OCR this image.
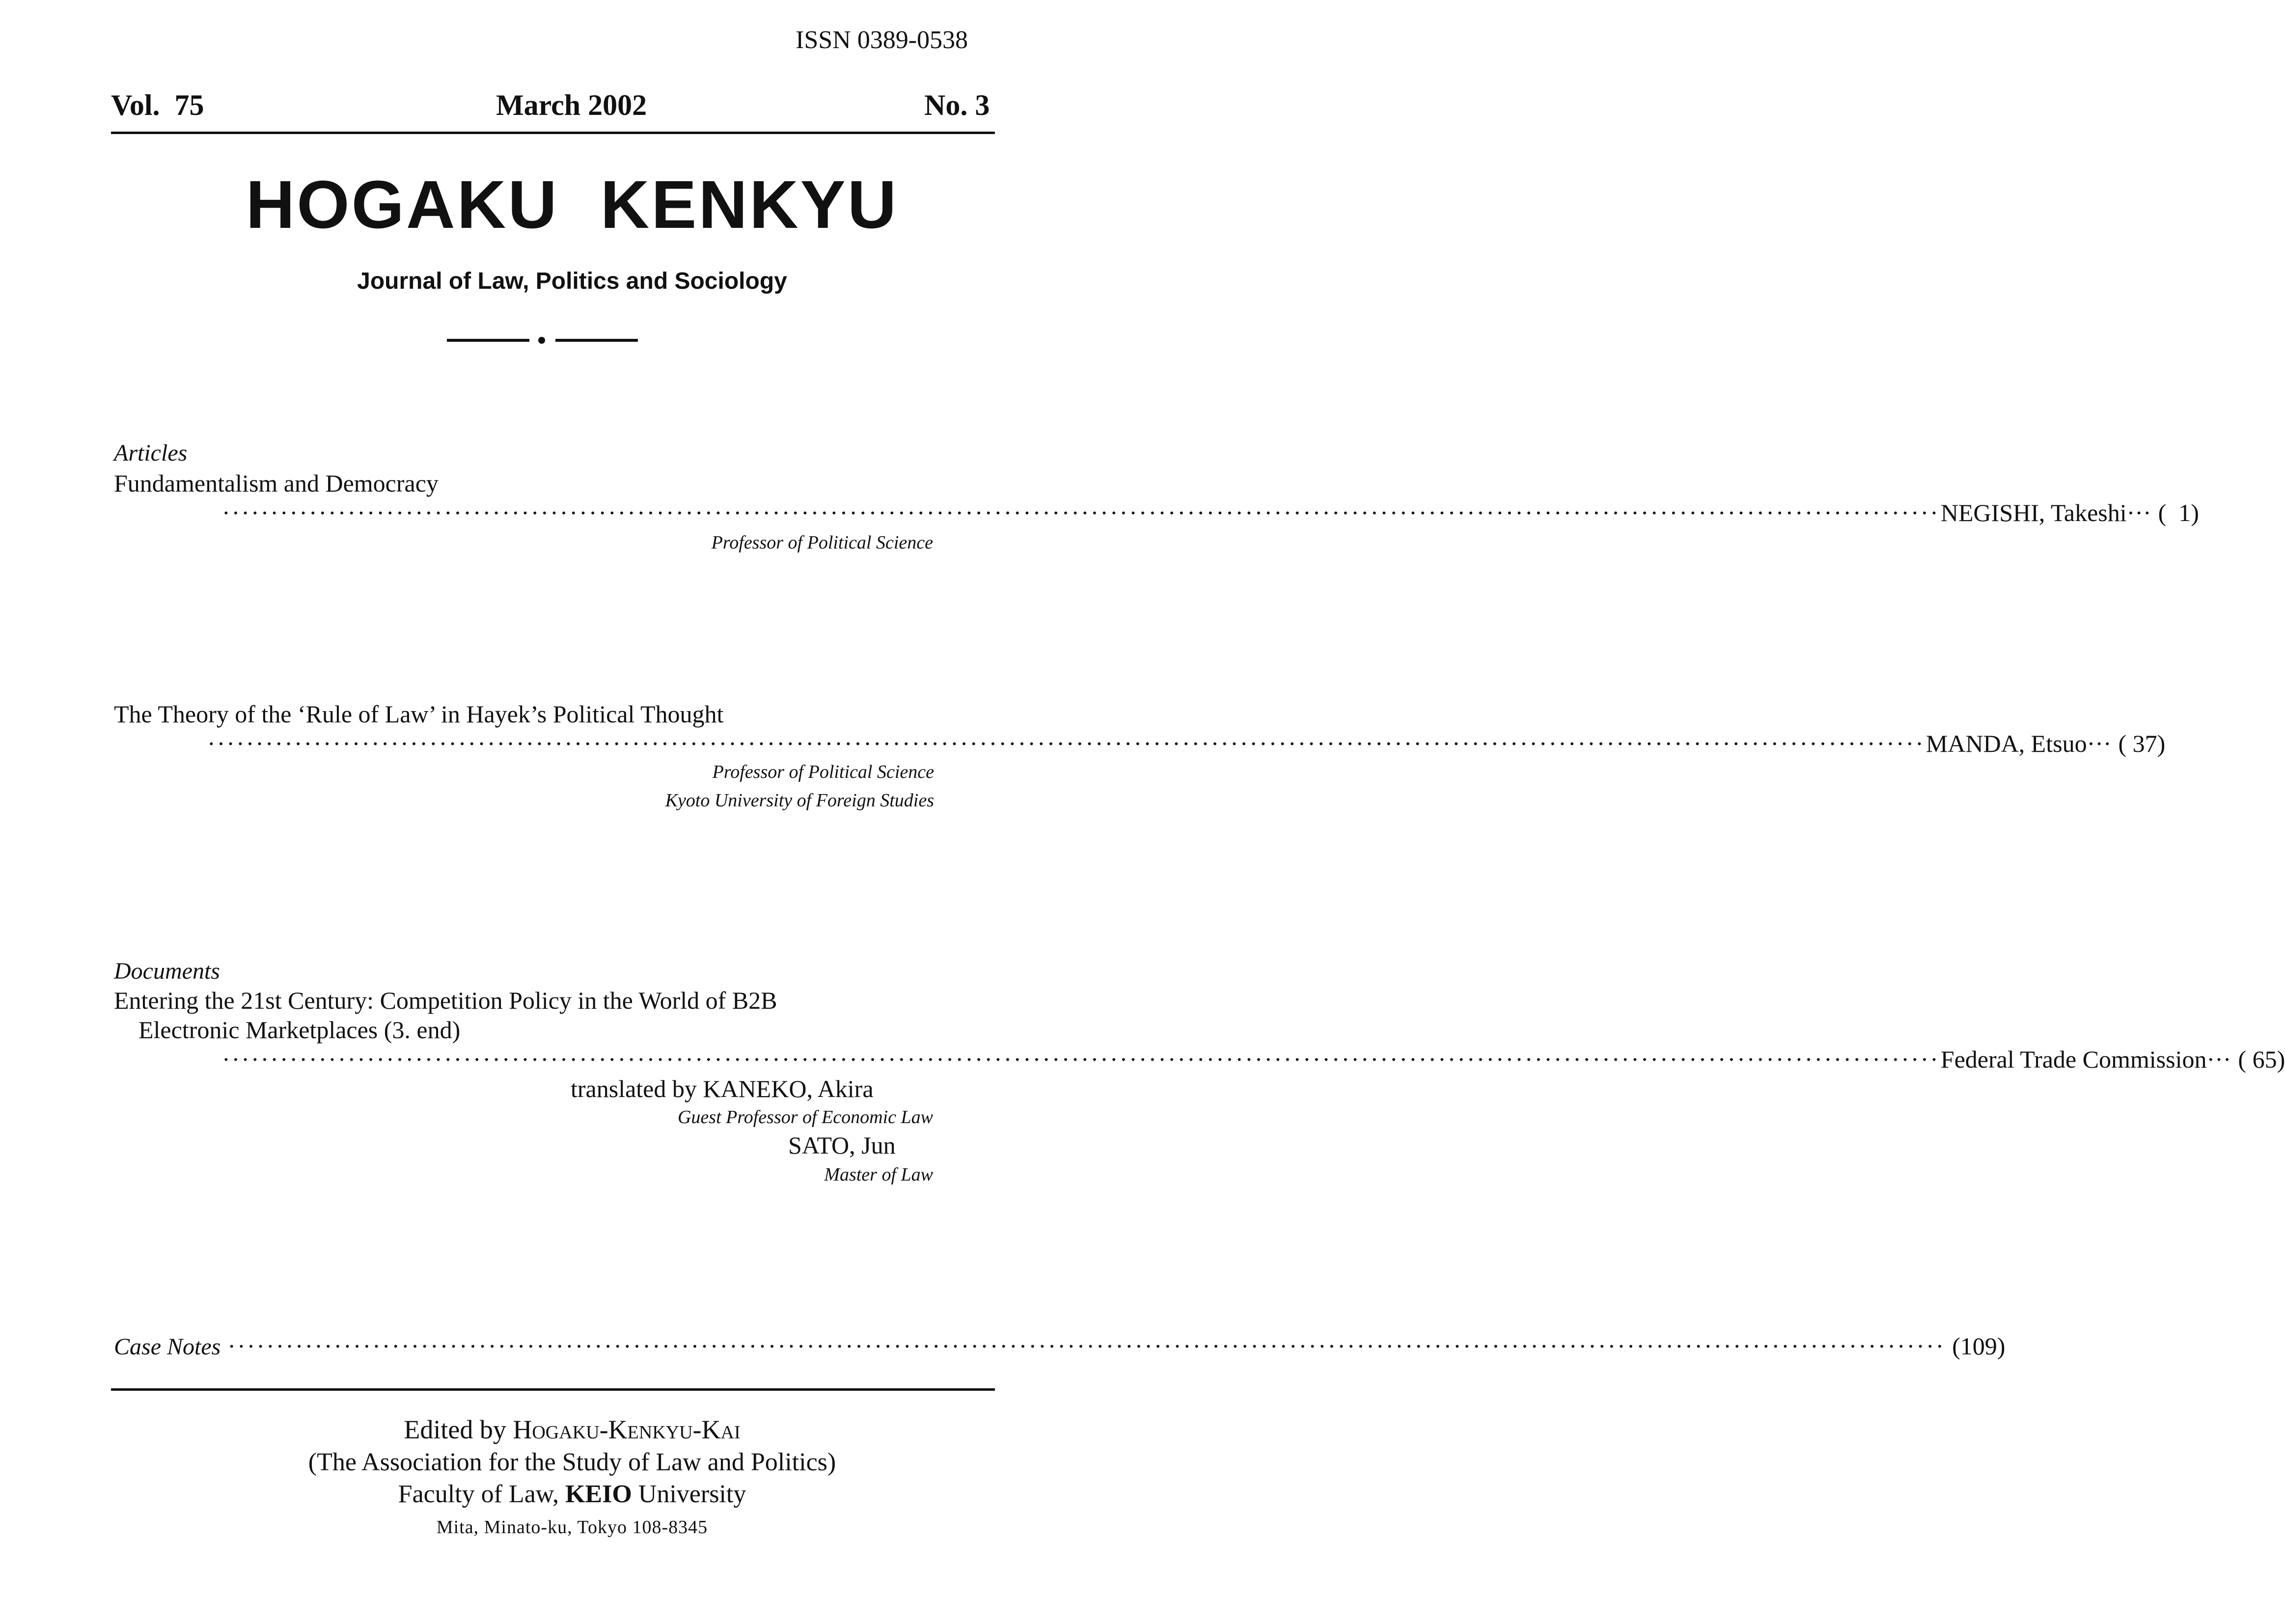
ISSN 0389-0538
Vol.  75	March 2002	No. 3
HOGAKU  KENKYU
Journal of Law, Politics and Sociology
Articles
Fundamentalism and Democracy
·················································································································································································· NEGISHI, Takeshi··· (  1)
Professor of Political Science
The Theory of the ‘Rule of Law’ in Hayek’s Political Thought
·················································································································································································· MANDA, Etsuo··· ( 37)
Professor of Political Science
Kyoto University of Foreign Studies
Documents
Entering the 21st Century: Competition Policy in the World of B2B
Electronic Marketplaces (3. end)
·················································································································································································· Federal Trade Commission··· ( 65)
translated by KANEKO, Akira
Guest Professor of Economic Law
SATO, Jun
Master of Law
Case Notes ·················································································································································································· (109)
Edited by Hogaku-Kenkyu-Kai
(The Association for the Study of Law and Politics)
Faculty of Law, KEIO University
Mita, Minato-ku, Tokyo 108-8345
